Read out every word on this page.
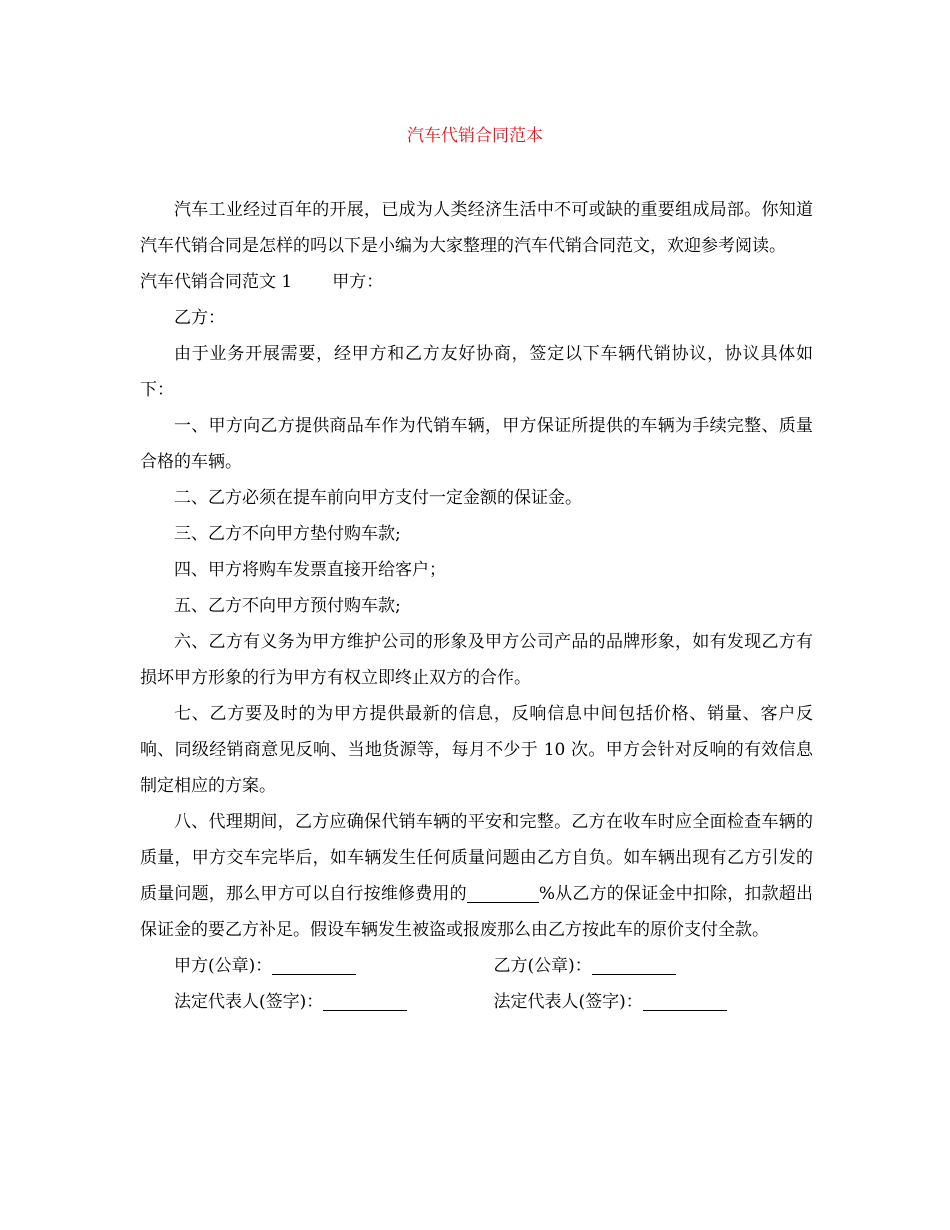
汽车代销合同范本

汽车工业经过百年的开展，已成为人类经济生活中不可或缺的重要组成局部。你知道汽车代销合同是怎样的吗以下是小编为大家整理的汽车代销合同范文，欢迎参考阅读。

汽车代销合同范文 1 甲方：

乙方：

由于业务开展需要，经甲方和乙方友好协商，签定以下车辆代销协议，协议具体如下：

一、甲方向乙方提供商品车作为代销车辆，甲方保证所提供的车辆为手续完整、质量合格的车辆。

二、乙方必须在提车前向甲方支付一定金额的保证金。

三、乙方不向甲方垫付购车款;

四、甲方将购车发票直接开给客户；

五、乙方不向甲方预付购车款;

六、乙方有义务为甲方维护公司的形象及甲方公司产品的品牌形象，如有发现乙方有损坏甲方形象的行为甲方有权立即终止双方的合作。

七、乙方要及时的为甲方提供最新的信息，反响信息中间包括价格、销量、客户反响、同级经销商意见反响、当地货源等，每月不少于 10 次。甲方会针对反响的有效信息制定相应的方案。

八、代理期间，乙方应确保代销车辆的平安和完整。乙方在收车时应全面检查车辆的质量，甲方交车完毕后，如车辆发生任何质量问题由乙方自负。如车辆出现有乙方引发的质量问题，那么甲方可以自行按维修费用的	%从乙方的保证金中扣除，扣款超出保证金的要乙方补足。假设车辆发生被盗或报废那么由乙方按此车的原价支付全款。

甲方(公章)：	乙方(公章)：
法定代表人(签字)：	法定代表人(签字)：
